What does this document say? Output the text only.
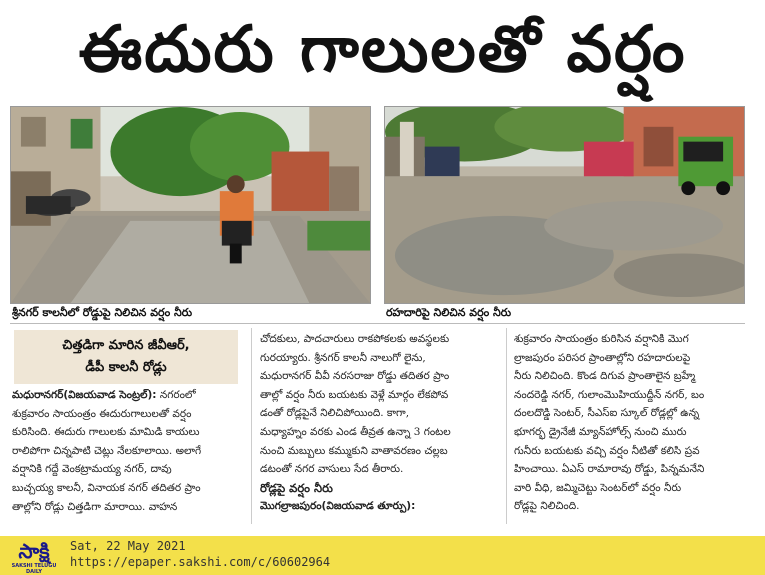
ఈదురు గాలులతో వర్షం
శ్రీనగర్ కాలనీలో రోడ్డుపై నిలిచిన వర్షం నీరు	రహదారిపై నిలిచిన వర్షం నీరు
చిత్తడిగా మారిన జీవీఆర్,
డీపీ కాలనీ రోడ్లు

మధురానగర్(విజయవాడ సెంట్రల్): నగరంలో

శుక్రవారం సాయంత్రం ఈదురుగాలులతో వర్షం

కురిసింది. ఈదురు గాలులకు మామిడి కాయలు

రాలిపోగా చిన్నపాటి చెట్లు నేలకూలాయి. అలాగే

వర్షానికి గద్దే వెంకట్రామయ్య నగర్, దావు

బుచ్చయ్య కాలనీ, వినాయక నగర్ తదితర ప్రాం

తాల్లోని రోడ్లు చిత్తడిగా మారాయి. వాహన

చోదకులు, పాదచారులు రాకపోకలకు అవస్థలకు

గురయ్యారు. శ్రీనగర్ కాలనీ నాలుగో లైను,

మధురానగర్ వీవీ నరసరాజు రోడ్డు తదితర ప్రాం

తాల్లో వర్షం నీరు బయటకు వెళ్లే మార్గం లేకపోవ

డంతో రోడ్లపైనే నిలిచిపోయింది. కాగా,

మధ్యాహ్నం వరకు ఎండ తీవ్రత ఉన్నా 3 గంటల

నుంచి మబ్బులు కమ్ముకుని వాతావరణం చల్లబ

డటంతో నగర వాసులు సేద తీరారు.

రోడ్లపై వర్షం నీరు

మొగల్రాజపురం(విజయవాడ తూర్పు):

శుక్రవారం సాయంత్రం కురిసిన వర్షానికి మొగ

ల్రాజపురం పరిసర ప్రాంతాల్లోని రహదారులపై

నీరు నిలిచింది. కొండ దిగువ ప్రాంతాలైన బ్రహ్మే

నందరెడ్డి నగర్, గులాంమొహియుద్దీన్ నగర్, బం

దంలదొడ్డి సెంటర్, సీఎస్ఐ స్కూల్ రోడ్లల్లో ఉన్న

భూగర్భ డ్రైనేజీ మ్యాన్‌హోల్స్ నుంచి మురు

గునీరు బయటకు వచ్చి వర్షం నీటితో కలిసి ప్రవ

హించాయి. ఏఎస్ రామారావు రోడ్డు, పిన్నమనేని

వారి వీధి, జమ్మిచెట్టు సెంటర్‌లో వర్షం నీరు

రోడ్లపై నిలిచింది.

సాక్షి
SAKSHI TELUGU DAILY
Sat, 22 May 2021
https://epaper.sakshi.com/c/60602964
